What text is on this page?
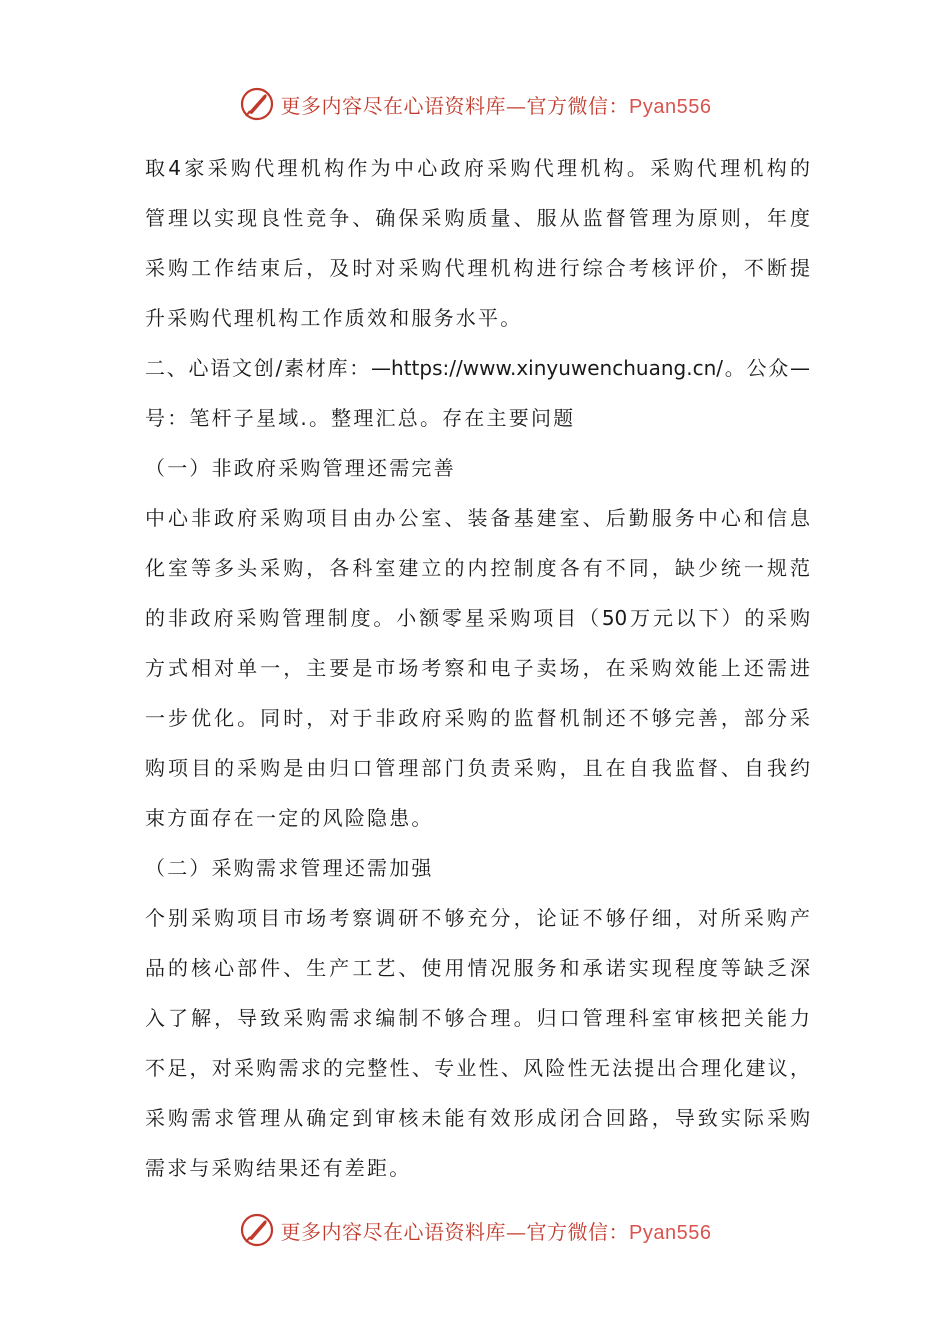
更多内容尽在心语资料库—官方微信：Pyan556
取4家采购代理机构作为中心政府采购代理机构。采购代理机构的
管理以实现良性竞争、确保采购质量、服从监督管理为原则，年度
采购工作结束后，及时对采购代理机构进行综合考核评价，不断提
升采购代理机构工作质效和服务水平。
二、心语文创/素材库：—https://www.xinyuwenchuang.cn/。公众—
号：笔杆子星域.。整理汇总。存在主要问题
（一）非政府采购管理还需完善
中心非政府采购项目由办公室、装备基建室、后勤服务中心和信息
化室等多头采购，各科室建立的内控制度各有不同，缺少统一规范
的非政府采购管理制度。小额零星采购项目（50万元以下）的采购
方式相对单一，主要是市场考察和电子卖场，在采购效能上还需进
一步优化。同时，对于非政府采购的监督机制还不够完善，部分采
购项目的采购是由归口管理部门负责采购，且在自我监督、自我约
束方面存在一定的风险隐患。
（二）采购需求管理还需加强
个别采购项目市场考察调研不够充分，论证不够仔细，对所采购产
品的核心部件、生产工艺、使用情况服务和承诺实现程度等缺乏深
入了解，导致采购需求编制不够合理。归口管理科室审核把关能力
不足，对采购需求的完整性、专业性、风险性无法提出合理化建议，
采购需求管理从确定到审核未能有效形成闭合回路，导致实际采购
需求与采购结果还有差距。
更多内容尽在心语资料库—官方微信：Pyan556
